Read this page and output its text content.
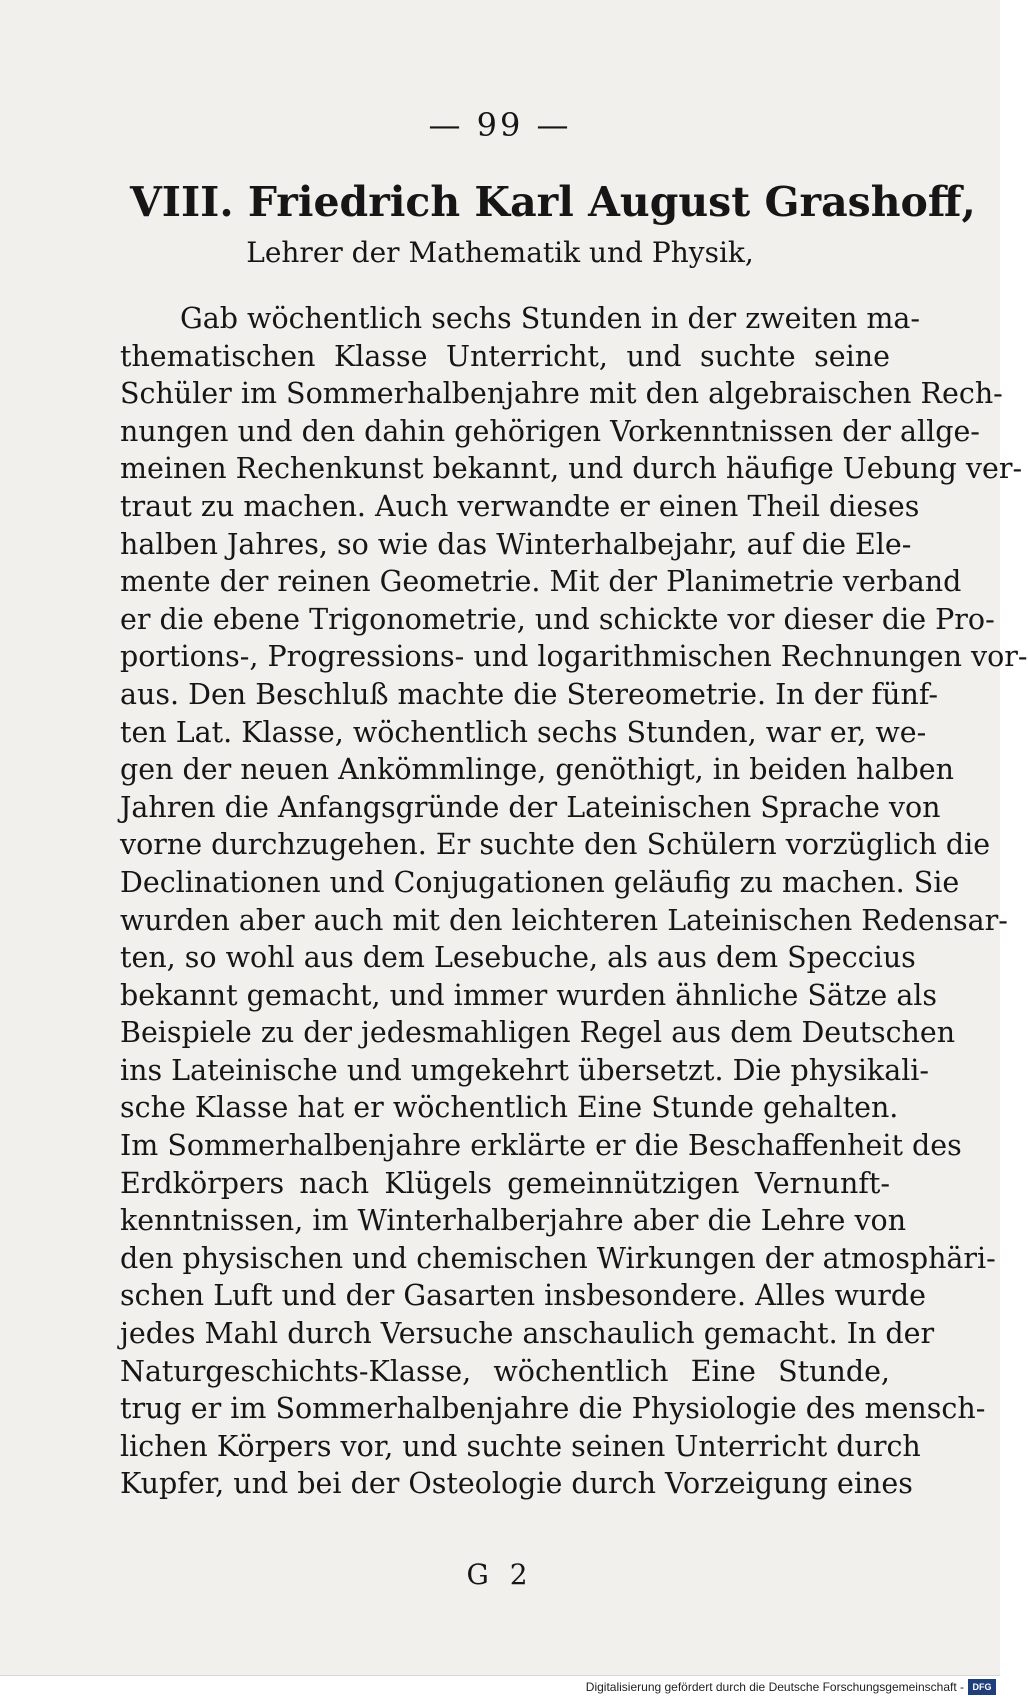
— 99 —
VIII. Friedrich Karl August Grashoff,
Lehrer der Mathematik und Physik,
Gab wöchentlich sechs Stunden in der zweiten ma-
thematischen Klasse Unterricht, und suchte seine
Schüler im Sommerhalbenjahre mit den algebraischen Rech-
nungen und den dahin gehörigen Vorkenntnissen der allge-
meinen Rechenkunst bekannt, und durch häufige Uebung ver-
traut zu machen. Auch verwandte er einen Theil dieses
halben Jahres, so wie das Winterhalbejahr, auf die Ele-
mente der reinen Geometrie. Mit der Planimetrie verband
er die ebene Trigonometrie, und schickte vor dieser die Pro-
portions-, Progressions- und logarithmischen Rechnungen vor-
aus. Den Beschluß machte die Stereometrie. In der fünf-
ten Lat. Klasse, wöchentlich sechs Stunden, war er, we-
gen der neuen Ankömmlinge, genöthigt, in beiden halben
Jahren die Anfangsgründe der Lateinischen Sprache von
vorne durchzugehen. Er suchte den Schülern vorzüglich die
Declinationen und Conjugationen geläufig zu machen. Sie
wurden aber auch mit den leichteren Lateinischen Redensar-
ten, so wohl aus dem Lesebuche, als aus dem Speccius
bekannt gemacht, und immer wurden ähnliche Sätze als
Beispiele zu der jedesmahligen Regel aus dem Deutschen
ins Lateinische und umgekehrt übersetzt. Die physikali-
sche Klasse hat er wöchentlich Eine Stunde gehalten.
Im Sommerhalbenjahre erklärte er die Beschaffenheit des
Erdkörpers nach Klügels gemeinnützigen Vernunft-
kenntnissen, im Winterhalberjahre aber die Lehre von
den physischen und chemischen Wirkungen der atmosphäri-
schen Luft und der Gasarten insbesondere. Alles wurde
jedes Mahl durch Versuche anschaulich gemacht. In der
Naturgeschichts-Klasse, wöchentlich Eine Stunde,
trug er im Sommerhalbenjahre die Physiologie des mensch-
lichen Körpers vor, und suchte seinen Unterricht durch
Kupfer, und bei der Osteologie durch Vorzeigung eines
G 2
Digitalisierung gefördert durch die Deutsche Forschungsgemeinschaft - DFG
